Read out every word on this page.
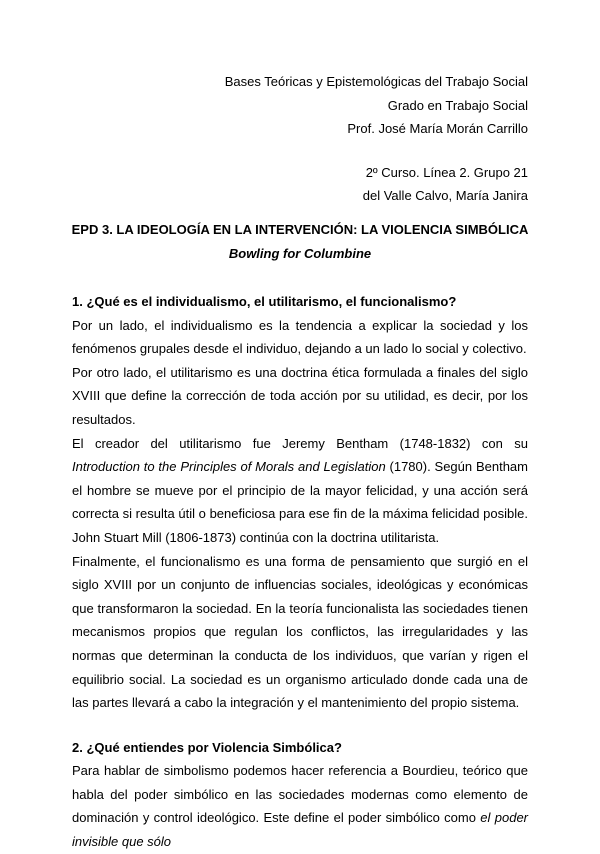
Bases Teóricas y Epistemológicas del Trabajo Social
Grado en Trabajo Social
Prof. José María Morán Carrillo
2º Curso. Línea 2. Grupo 21
del Valle Calvo, María Janira
EPD 3. LA IDEOLOGÍA EN LA INTERVENCIÓN: LA VIOLENCIA SIMBÓLICA
Bowling for Columbine
1. ¿Qué es el individualismo, el utilitarismo, el funcionalismo?

Por un lado, el individualismo es la tendencia a explicar la sociedad y los fenómenos grupales desde el individuo, dejando a un lado lo social y colectivo.

Por otro lado, el utilitarismo es una doctrina ética formulada a finales del siglo XVIII que define la corrección de toda acción por su utilidad, es decir, por los resultados.

El creador del utilitarismo fue Jeremy Bentham (1748-1832) con su Introduction to the Principles of Morals and Legislation (1780). Según Bentham el hombre se mueve por el principio de la mayor felicidad, y una acción será correcta si resulta útil o beneficiosa para ese fin de la máxima felicidad posible. John Stuart Mill (1806-1873) continúa con la doctrina utilitarista.

Finalmente, el funcionalismo es una forma de pensamiento que surgió en el siglo XVIII por un conjunto de influencias sociales, ideológicas y económicas que transformaron la sociedad. En la teoría funcionalista las sociedades tienen mecanismos propios que regulan los conflictos, las irregularidades y las normas que determinan la conducta de los individuos, que varían y rigen el equilibrio social. La sociedad es un organismo articulado donde cada una de las partes llevará a cabo la integración y el mantenimiento del propio sistema.

2. ¿Qué entiendes por Violencia Simbólica?

Para hablar de simbolismo podemos hacer referencia a Bourdieu, teórico que habla del poder simbólico en las sociedades modernas como elemento de dominación y control ideológico. Este define el poder simbólico como el poder invisible que sólo
